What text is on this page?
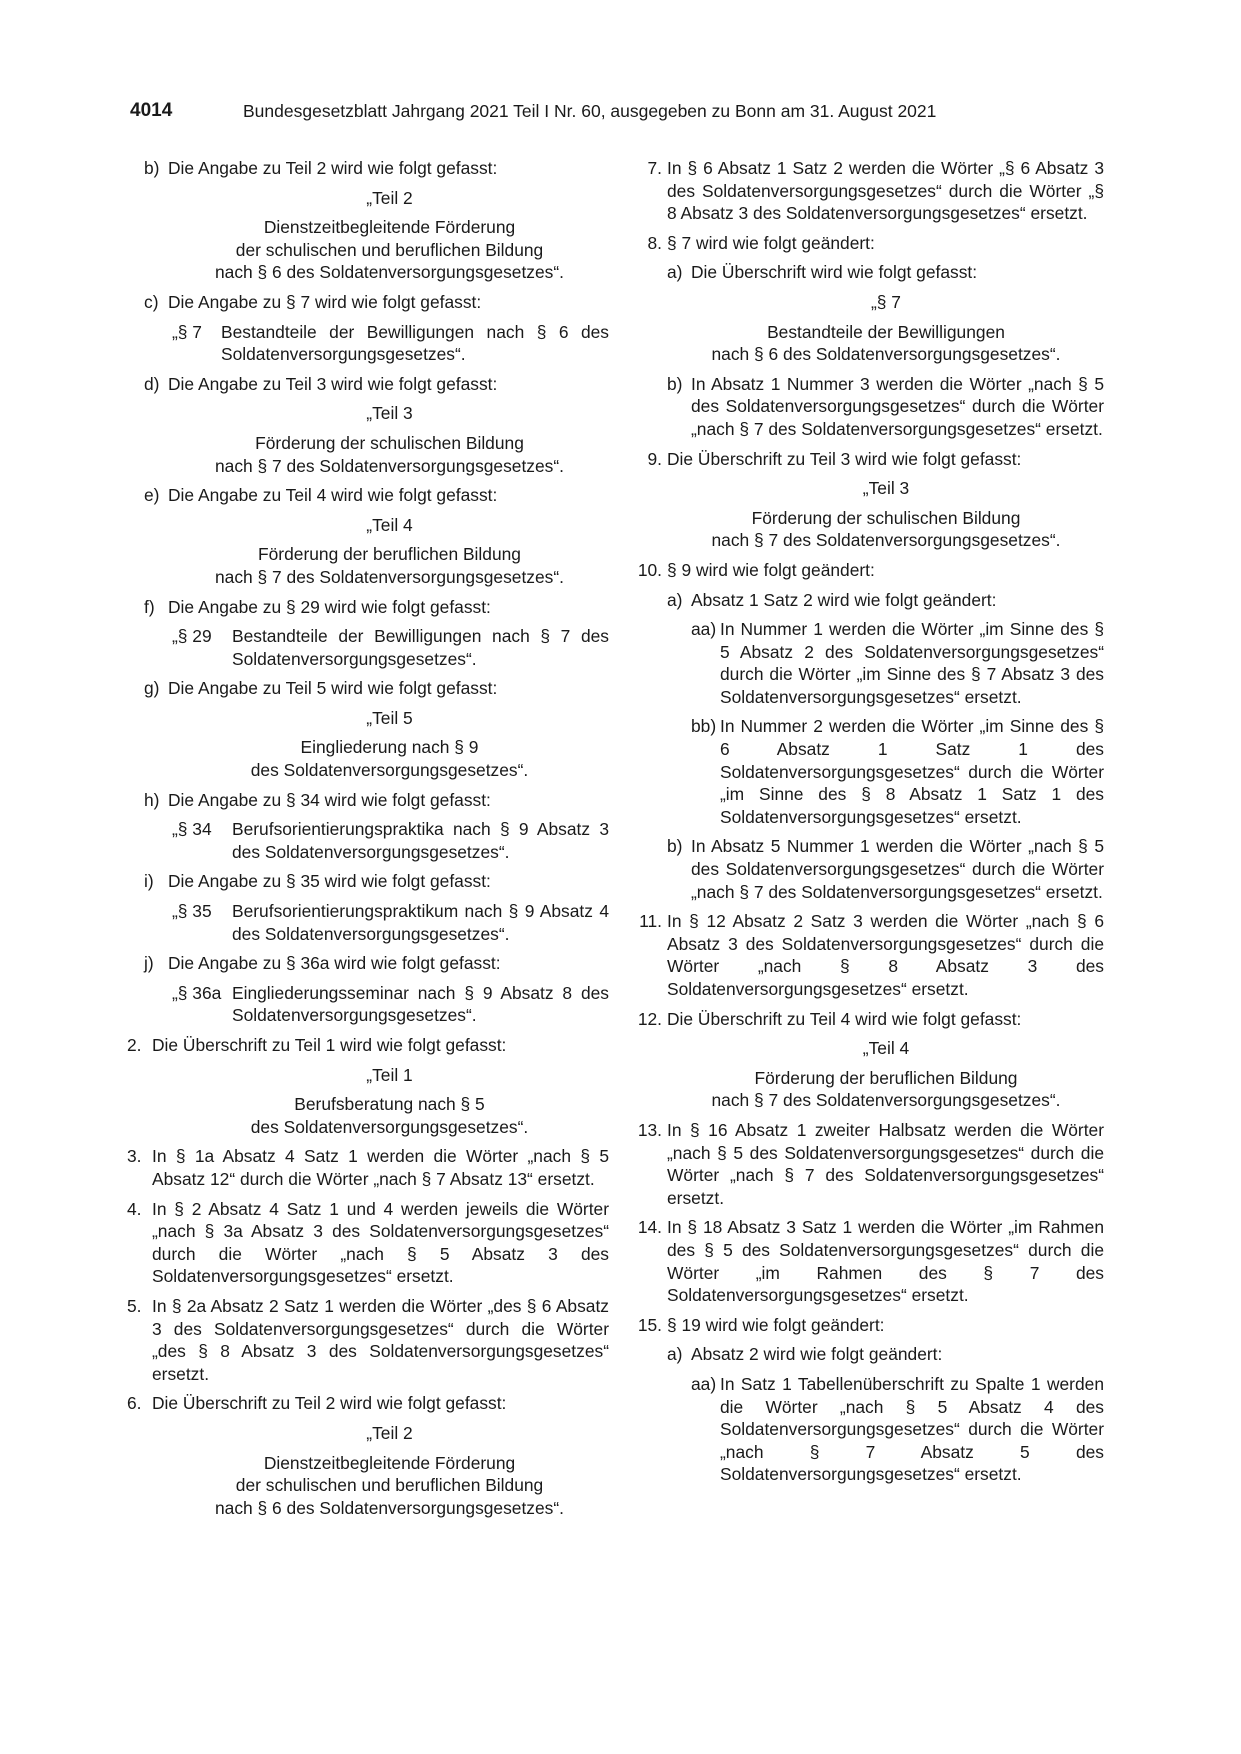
4014	Bundesgesetzblatt Jahrgang 2021 Teil I Nr. 60, ausgegeben zu Bonn am 31. August 2021
b) Die Angabe zu Teil 2 wird wie folgt gefasst:
„Teil 2
Dienstzeitbegleitende Förderung
der schulischen und beruflichen Bildung
nach § 6 des Soldatenversorgungsgesetzes“.
c) Die Angabe zu § 7 wird wie folgt gefasst:
„§ 7 Bestandteile der Bewilligungen nach § 6 des Soldatenversorgungsgesetzes“.
d) Die Angabe zu Teil 3 wird wie folgt gefasst:
„Teil 3
Förderung der schulischen Bildung
nach § 7 des Soldatenversorgungsgesetzes“.
e) Die Angabe zu Teil 4 wird wie folgt gefasst:
„Teil 4
Förderung der beruflichen Bildung
nach § 7 des Soldatenversorgungsgesetzes“.
f) Die Angabe zu § 29 wird wie folgt gefasst:
„§ 29 Bestandteile der Bewilligungen nach § 7 des Soldatenversorgungsgesetzes“.
g) Die Angabe zu Teil 5 wird wie folgt gefasst:
„Teil 5
Eingliederung nach § 9
des Soldatenversorgungsgesetzes“.
h) Die Angabe zu § 34 wird wie folgt gefasst:
„§ 34 Berufsorientierungspraktika nach § 9 Absatz 3 des Soldatenversorgungsgesetzes“.
i) Die Angabe zu § 35 wird wie folgt gefasst:
„§ 35 Berufsorientierungspraktikum nach § 9 Absatz 4 des Soldatenversorgungsgesetzes“.
j) Die Angabe zu § 36a wird wie folgt gefasst:
„§ 36a Eingliederungsseminar nach § 9 Absatz 8 des Soldatenversorgungsgesetzes“.
2. Die Überschrift zu Teil 1 wird wie folgt gefasst:
„Teil 1
Berufsberatung nach § 5
des Soldatenversorgungsgesetzes“.
3. In § 1a Absatz 4 Satz 1 werden die Wörter „nach § 5 Absatz 12“ durch die Wörter „nach § 7 Absatz 13“ ersetzt.
4. In § 2 Absatz 4 Satz 1 und 4 werden jeweils die Wörter „nach § 3a Absatz 3 des Soldatenversorgungsgesetzes“ durch die Wörter „nach § 5 Absatz 3 des Soldatenversorgungsgesetzes“ ersetzt.
5. In § 2a Absatz 2 Satz 1 werden die Wörter „des § 6 Absatz 3 des Soldatenversorgungsgesetzes“ durch die Wörter „des § 8 Absatz 3 des Soldatenversorgungsgesetzes“ ersetzt.
6. Die Überschrift zu Teil 2 wird wie folgt gefasst:
„Teil 2
Dienstzeitbegleitende Förderung
der schulischen und beruflichen Bildung
nach § 6 des Soldatenversorgungsgesetzes“.
7. In § 6 Absatz 1 Satz 2 werden die Wörter „§ 6 Absatz 3 des Soldatenversorgungsgesetzes“ durch die Wörter „§ 8 Absatz 3 des Soldatenversorgungsgesetzes“ ersetzt.
8. § 7 wird wie folgt geändert:
a) Die Überschrift wird wie folgt gefasst:
„§ 7
Bestandteile der Bewilligungen
nach § 6 des Soldatenversorgungsgesetzes“.
b) In Absatz 1 Nummer 3 werden die Wörter „nach § 5 des Soldatenversorgungsgesetzes“ durch die Wörter „nach § 7 des Soldatenversorgungsgesetzes“ ersetzt.
9. Die Überschrift zu Teil 3 wird wie folgt gefasst:
„Teil 3
Förderung der schulischen Bildung
nach § 7 des Soldatenversorgungsgesetzes“.
10. § 9 wird wie folgt geändert:
a) Absatz 1 Satz 2 wird wie folgt geändert:
aa) In Nummer 1 werden die Wörter „im Sinne des § 5 Absatz 2 des Soldatenversorgungsgesetzes“ durch die Wörter „im Sinne des § 7 Absatz 3 des Soldatenversorgungsgesetzes“ ersetzt.
bb) In Nummer 2 werden die Wörter „im Sinne des § 6 Absatz 1 Satz 1 des Soldatenversorgungsgesetzes“ durch die Wörter „im Sinne des § 8 Absatz 1 Satz 1 des Soldatenversorgungsgesetzes“ ersetzt.
b) In Absatz 5 Nummer 1 werden die Wörter „nach § 5 des Soldatenversorgungsgesetzes“ durch die Wörter „nach § 7 des Soldatenversorgungsgesetzes“ ersetzt.
11. In § 12 Absatz 2 Satz 3 werden die Wörter „nach § 6 Absatz 3 des Soldatenversorgungsgesetzes“ durch die Wörter „nach § 8 Absatz 3 des Soldatenversorgungsgesetzes“ ersetzt.
12. Die Überschrift zu Teil 4 wird wie folgt gefasst:
„Teil 4
Förderung der beruflichen Bildung
nach § 7 des Soldatenversorgungsgesetzes“.
13. In § 16 Absatz 1 zweiter Halbsatz werden die Wörter „nach § 5 des Soldatenversorgungsgesetzes“ durch die Wörter „nach § 7 des Soldatenversorgungsgesetzes“ ersetzt.
14. In § 18 Absatz 3 Satz 1 werden die Wörter „im Rahmen des § 5 des Soldatenversorgungsgesetzes“ durch die Wörter „im Rahmen des § 7 des Soldatenversorgungsgesetzes“ ersetzt.
15. § 19 wird wie folgt geändert:
a) Absatz 2 wird wie folgt geändert:
aa) In Satz 1 Tabellenüberschrift zu Spalte 1 werden die Wörter „nach § 5 Absatz 4 des Soldatenversorgungsgesetzes“ durch die Wörter „nach § 7 Absatz 5 des Soldatenversorgungsgesetzes“ ersetzt.
